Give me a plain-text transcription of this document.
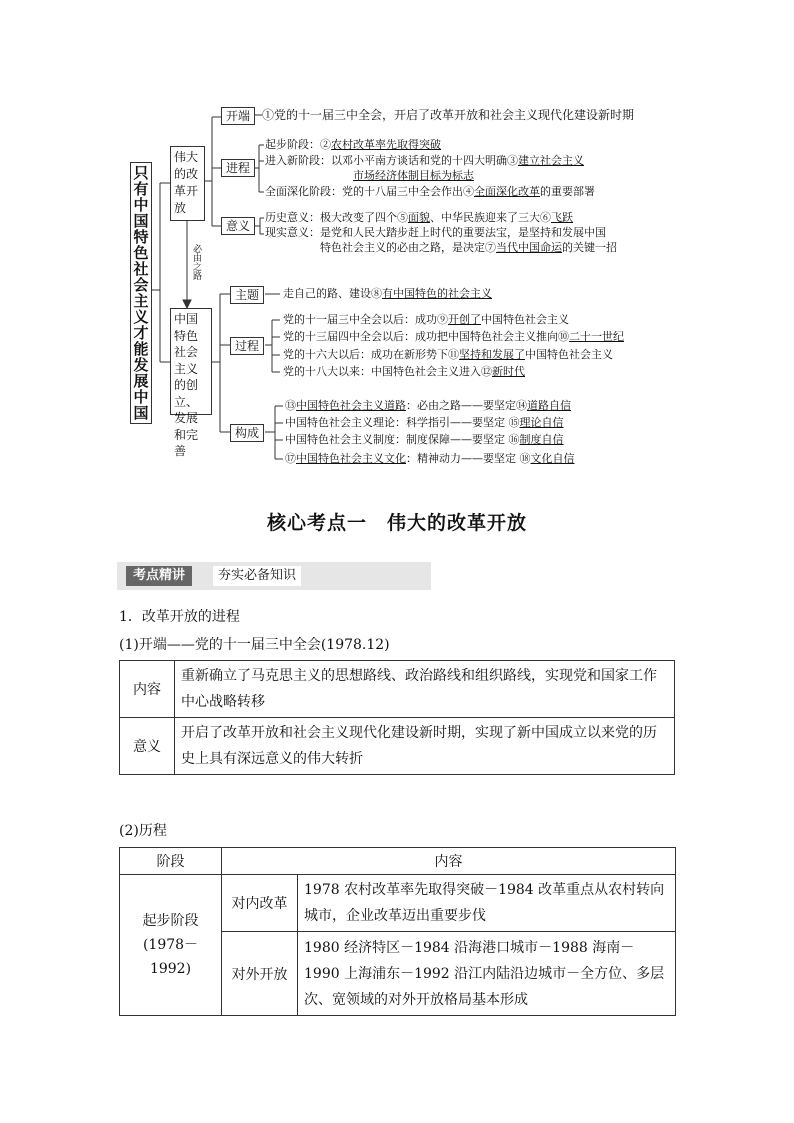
只有中国特色社会主义才能发展中国
伟大的改革开放
必由之路
中国特色社会主义的创立、发展和完善
开端
进程
意义
主题
过程
构成
①党的十一届三中全会，开启了改革开放和社会主义现代化建设新时期
起步阶段：②农村改革率先取得突破
进入新阶段：以邓小平南方谈话和党的十四大明确③建立社会主义
市场经济体制目标为标志
全面深化阶段：党的十八届三中全会作出④全面深化改革的重要部署
历史意义：极大改变了四个⑤面貌、中华民族迎来了三大⑥飞跃
现实意义：是党和人民大踏步赶上时代的重要法宝，是坚持和发展中国
特色社会主义的必由之路，是决定⑦当代中国命运的关键一招
走自己的路、建设⑧有中国特色的社会主义
党的十一届三中全会以后：成功⑨开创了中国特色社会主义
党的十三届四中全会以后：成功把中国特色社会主义推向⑩二十一世纪
党的十六大以后：成功在新形势下⑪坚持和发展了中国特色社会主义
党的十八大以来：中国特色社会主义进入⑫新时代
⑬中国特色社会主义道路：必由之路——要坚定⑭道路自信
中国特色社会主义理论：科学指引——要坚定 ⑮理论自信
中国特色社会主义制度：制度保障——要坚定 ⑯制度自信
⑰中国特色社会主义文化：精神动力——要坚定 ⑱文化自信
核心考点一　伟大的改革开放
考点精讲	夯实必备知识
1．改革开放的进程
(1)开端——党的十一届三中全会(1978.12)
内容	重新确立了马克思主义的思想路线、政治路线和组织路线，实现党和国家工作中心战略转移
意义	开启了改革开放和社会主义现代化建设新时期，实现了新中国成立以来党的历史上具有深远意义的伟大转折
(2)历程
阶段	内容	
起步阶段(1978－1992)	对内改革	1978 农村改革率先取得突破－1984 改革重点从农村转向城市，企业改革迈出重要步伐
	对外开放	1980 经济特区－1984 沿海港口城市－1988 海南－1990 上海浦东－1992 沿江内陆沿边城市－全方位、多层次、宽领域的对外开放格局基本形成
